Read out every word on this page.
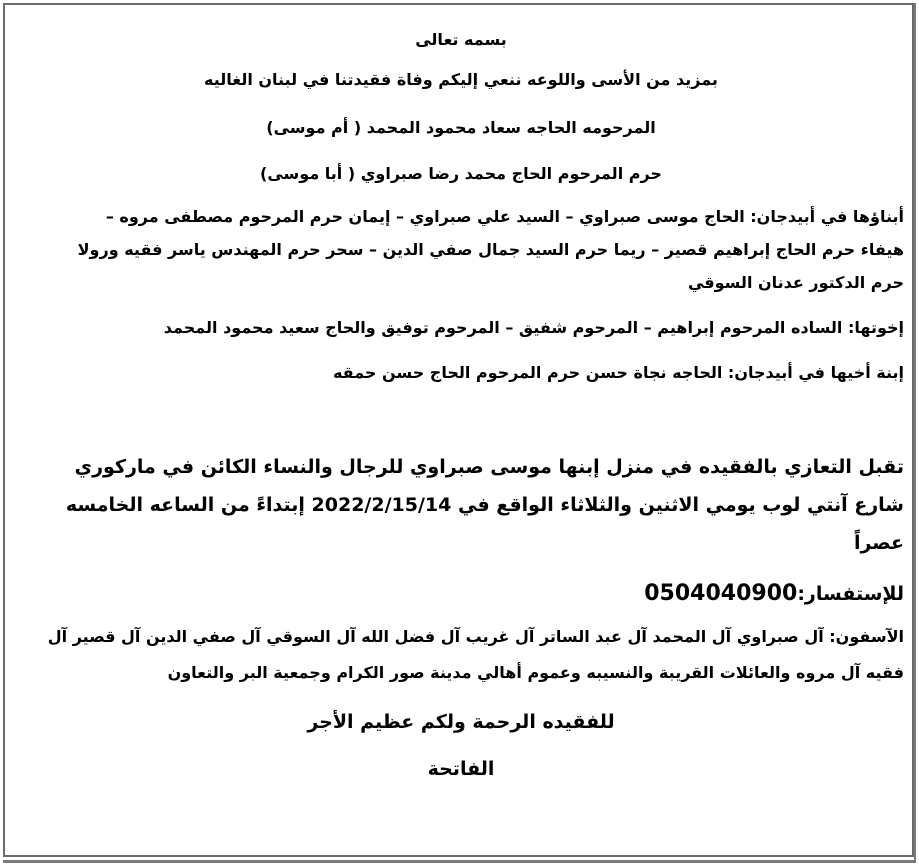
بسمه تعالى
بمزيد من الأسى واللوعه ننعي إليكم وفاة فقيدتنا في لبنان الغاليه
المرحومه الحاجه سعاد محمود المحمد ( أم موسى)
حرم المرحوم الحاج محمد رضا صبراوي ( أبا موسى)
أبناؤها في أبيدجان: الحاج موسى صبراوي – السيد علي صبراوي – إيمان حرم المرحوم مصطفى مروه –
هيفاء حرم الحاج إبراهيم قصير – ريما حرم السيد جمال صفي الدين – سحر حرم المهندس ياسر فقيه ورولا
حرم الدكتور عدنان السوقي
إخوتها: الساده المرحوم إبراهيم – المرحوم شفيق – المرحوم توفيق والحاج سعيد محمود المحمد
إبنة أخيها في أبيدجان: الحاجه نجاة حسن حرم المرحوم الحاج حسن حمقه
تقبل التعازي بالفقيده في منزل إبنها موسى صبراوي للرجال والنساء الكائن في ماركوري
شارع آنتي لوب يومي الاثنين والثلاثاء الواقع في 2022/2/15/14 إبتداءً من الساعه الخامسه
عصراً
للإستفسار:0504040900
الآسفون: آل صبراوي آل المحمد آل عبد الساتر آل غريب آل فضل الله آل السوقي آل صفي الدين آل قصير آل
فقيه آل مروه والعائلات القريبة والنسيبه وعموم أهالي مدينة صور الكرام وجمعية البر والتعاون
للفقيده الرحمة ولكم عظيم الأجر
الفاتحة
